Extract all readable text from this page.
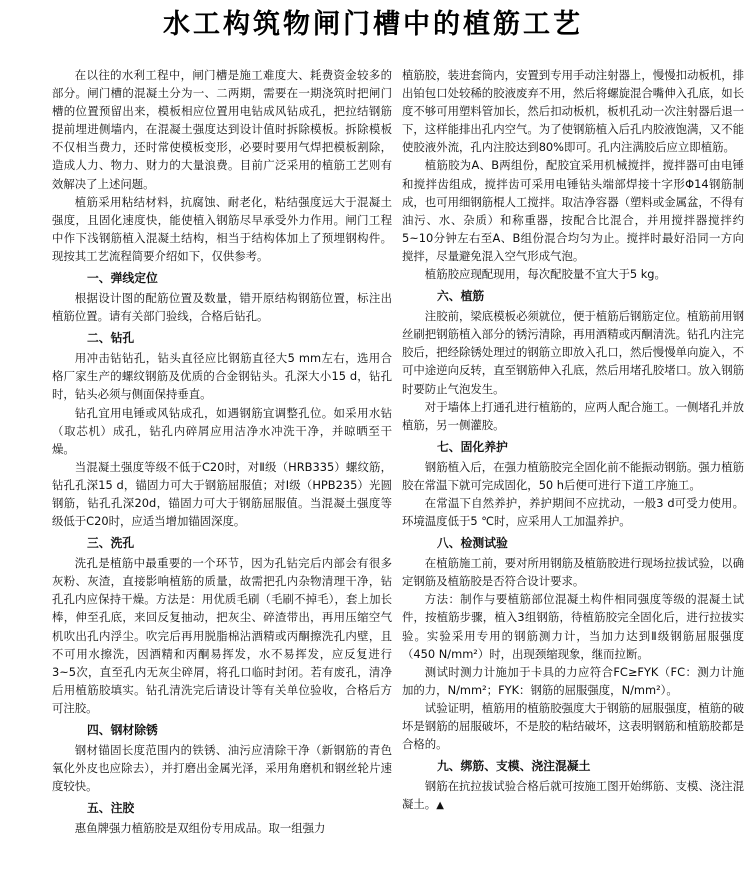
水工构筑物闸门槽中的植筋工艺

在以往的水利工程中，闸门槽是施工难度大、耗费资金较多的部分。闸门槽的混凝土分为一、二两期，需要在一期浇筑时把闸门槽的位置预留出来，模板相应位置用电钻成风钻成孔，把拉结钢筋提前埋进侧墙内，在混凝土强度达到设计值时拆除模板。拆除模板不仅相当费力，还时常使模板变形，必要时要用气焊把模板割除，造成人力、物力、财力的大量浪费。目前广泛采用的植筋工艺则有效解决了上述问题。

植筋采用粘结材料，抗腐蚀、耐老化，粘结强度远大于混凝土强度，且固化速度快，能使植入钢筋尽早承受外力作用。闸门工程中作下浅钢筋植入混凝土结构，相当于结构体加上了预埋钢构件。现按其工艺流程简要介绍如下，仅供参考。

一、弹线定位

根据设计图的配筋位置及数量，错开原结构钢筋位置，标注出植筋位置。请有关部门验线，合格后钻孔。

二、钻孔

用冲击钻钻孔，钻头直径应比钢筋直径大5 mm左右，选用合格厂家生产的螺纹钢筋及优质的合金钢钻头。孔深大小15 d，钻孔时，钻头必须与侧面保持垂直。

钻孔宜用电锤或风钻成孔，如遇钢筋宜调整孔位。如采用水钻（取芯机）成孔，钻孔内碎屑应用洁净水冲洗干净，并晾晒至干燥。

当混凝土强度等级不低于C20时，对Ⅱ级（HRB335）螺纹筋，钻孔孔深15 d，锚固力可大于钢筋屈服值；对Ⅰ级（HPB235）光圆钢筋，钻孔孔深20d，锚固力可大于钢筋屈服值。当混凝土强度等级低于C20时，应适当增加锚固深度。

三、洗孔

洗孔是植筋中最重要的一个环节，因为孔钻完后内部会有很多灰粉、灰渣，直接影响植筋的质量，故需把孔内杂物清理干净，钻孔孔内应保持干燥。方法是：用优质毛刷（毛刷不掉毛），套上加长棒，伸至孔底，来回反复抽动，把灰尘、碎渣带出，再用压缩空气机吹出孔内浮尘。吹完后再用脱脂棉沾酒精或丙酮擦洗孔内壁，且不可用水擦洗，因酒精和丙酮易挥发，水不易挥发，应反复进行3~5次，直至孔内无灰尘碎屑，将孔口临时封闭。若有废孔，清净后用植筋胶填实。钻孔清洗完后请设计等有关单位验收，合格后方可注胶。

四、钢材除锈

钢材锚固长度范围内的铁锈、油污应清除干净（新钢筋的青色氧化外皮也应除去），并打磨出金属光泽，采用角磨机和钢丝轮片速度较快。

五、注胶

惠鱼牌强力植筋胶是双组份专用成品。取一组强力

植筋胶，装进套筒内，安置到专用手动注射器上，慢慢扣动板机，排出铂包口处较稀的胶液废弃不用，然后将螺旋混合嘴伸入孔底，如长度不够可用塑料管加长，然后扣动板机，板机孔动一次注射器后退一下，这样能排出孔内空气。为了使钢筋植入后孔内胶液饱满，又不能使胶液外流，孔内注胶达到80%即可。孔内注满胶后应立即植筋。

植筋胶为A、B两组份，配胶宜采用机械搅拌，搅拌器可由电锤和搅拌齿组成，搅拌齿可采用电锤钻头端部焊接十字形Φ14钢筋制成，也可用细钢筋棍人工搅拌。取洁净容器（塑料或金属盆，不得有油污、水、杂质）和称重器，按配合比混合，并用搅拌器搅拌约5~10分钟左右至A、B组份混合均匀为止。搅拌时最好沿同一方向搅拌，尽量避免混入空气形成气泡。

植筋胶应现配现用，每次配胶量不宜大于5 kg。

六、植筋

注胶前，梁底模板必须就位，便于植筋后钢筋定位。植筋前用钢丝刷把钢筋植入部分的锈污清除，再用酒精或丙酮清洗。钻孔内注完胶后，把经除锈处理过的钢筋立即放入孔口，然后慢慢单向旋入，不可中途逆向反转，直至钢筋伸入孔底，然后用堵孔胶堵口。放入钢筋时要防止气泡发生。

对于墙体上打通孔进行植筋的，应两人配合施工。一侧堵孔并放植筋，另一侧灌胶。

七、固化养护

钢筋植入后，在强力植筋胶完全固化前不能振动钢筋。强力植筋胶在常温下就可完成固化，50 h后便可进行下道工序施工。

在常温下自然养护，养护期间不应扰动，一般3 d可受力使用。环境温度低于5 ℃时，应采用人工加温养护。

八、检测试验

在植筋施工前，要对所用钢筋及植筋胶进行现场拉拔试验，以确定钢筋及植筋胶是否符合设计要求。

方法：制作与要植筋部位混凝土构件相同强度等级的混凝土试件，按植筋步骤，植入3组钢筋，待植筋胶完全固化后，进行拉拔实验。实验采用专用的钢筋测力计，当加力达到Ⅱ级钢筋屈服强度（450 N/mm²）时，出现颈缩现象，继而拉断。

测试时测力计施加于卡具的力应符合FC≥FYK（FC：测力计施加的力，N/mm²；FYK：钢筋的屈服强度，N/mm²）。

试验证明，植筋用的植筋胶强度大于钢筋的屈服强度，植筋的破坏是钢筋的屈服破坏，不是胶的粘结破坏，这表明钢筋和植筋胶都是合格的。

九、绑筋、支模、浇注混凝土

钢筋在抗拉拔试验合格后就可按施工图开始绑筋、支模、浇注混凝土。▲
